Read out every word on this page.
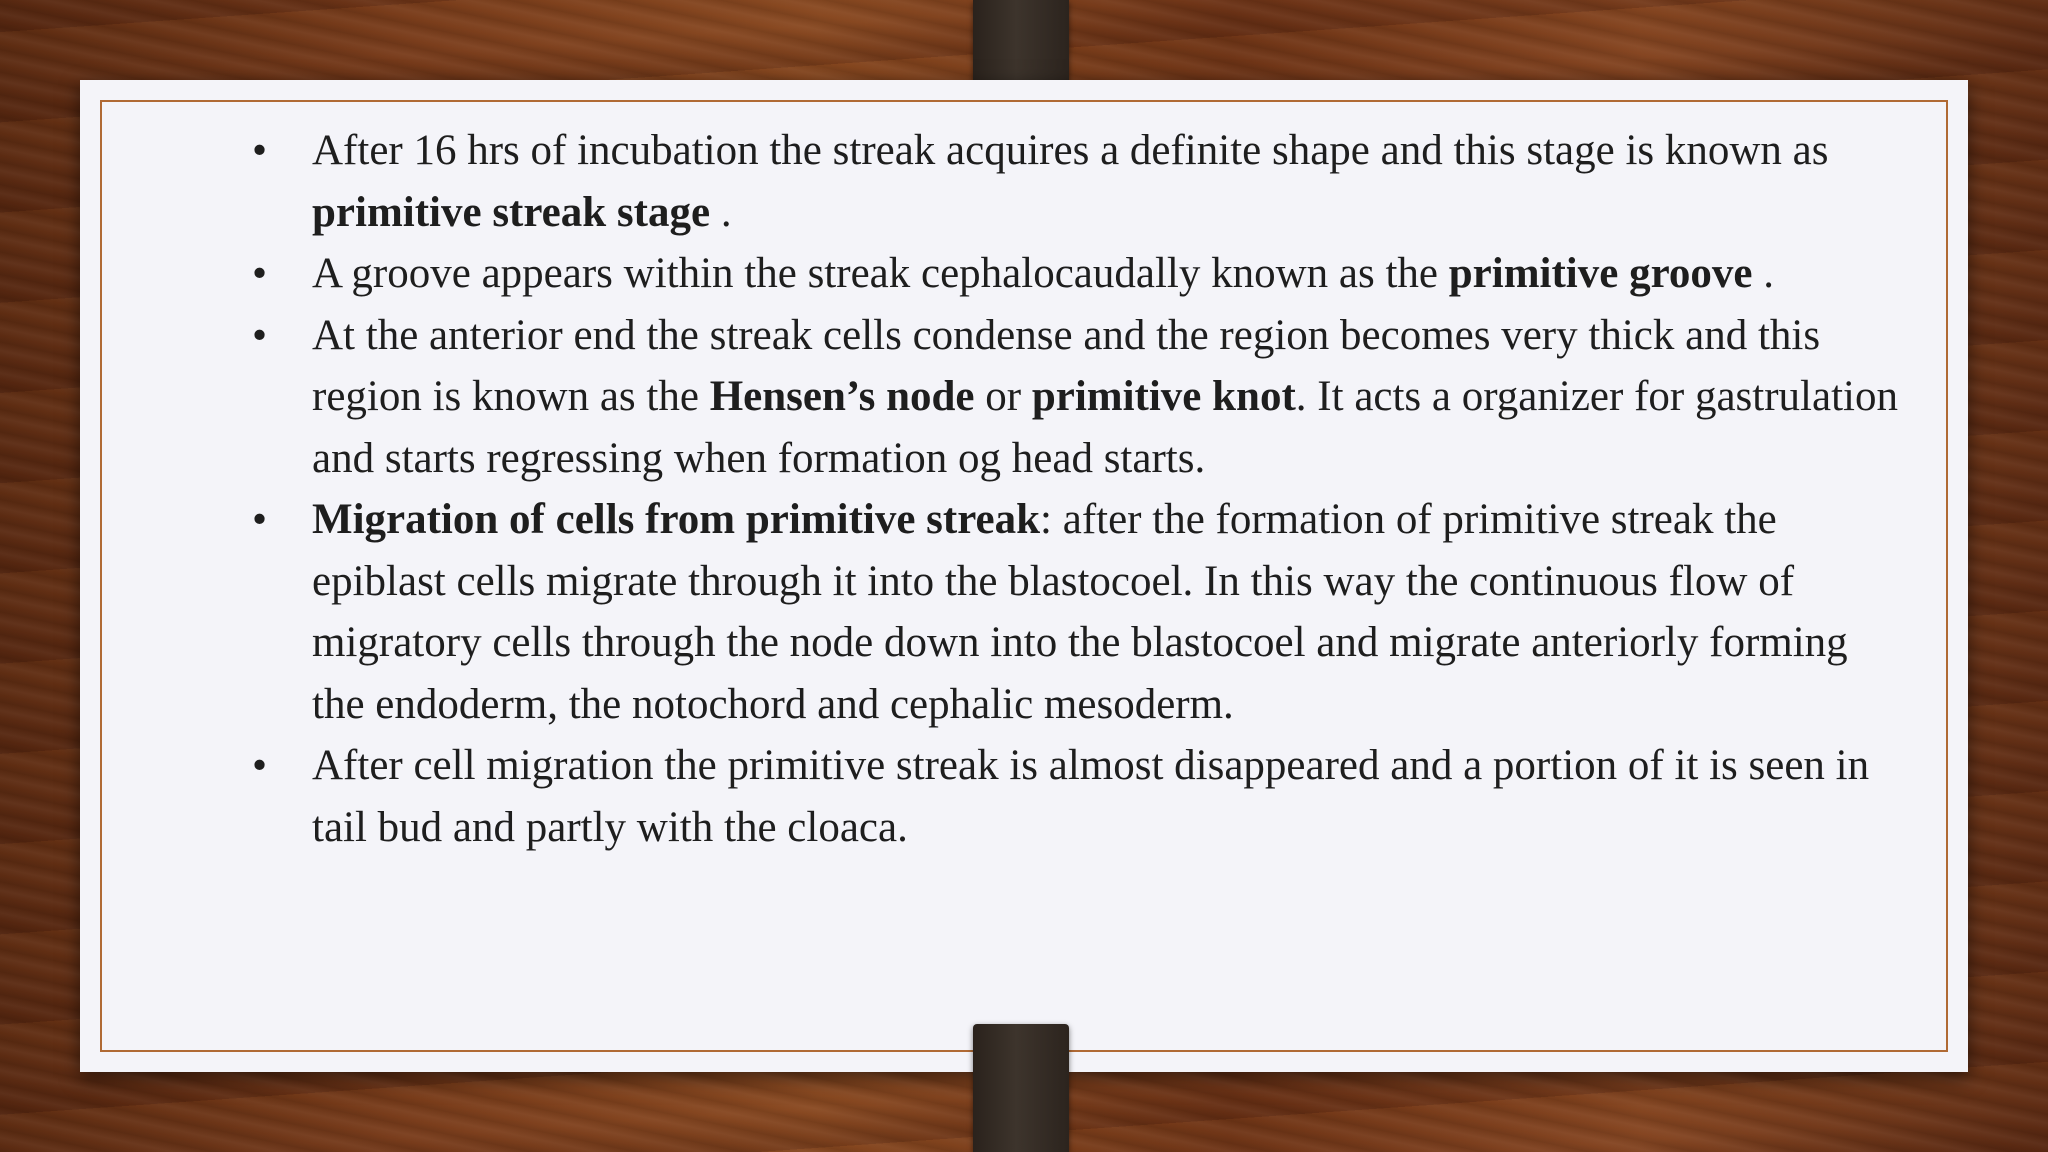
• After 16 hrs of incubation the streak acquires a definite shape and this stage is known as primitive streak stage .
• A groove appears within the streak cephalocaudally known as the primitive groove .
• At the anterior end the streak cells condense and the region becomes very thick and this region is known as the Hensen’s node or primitive knot. It acts a organizer for gastrulation and starts regressing when formation og head starts.
• Migration of cells from primitive streak: after the formation of primitive streak the epiblast cells migrate through it into the blastocoel. In this way the continuous flow of migratory cells through the node down into the blastocoel and migrate anteriorly forming the endoderm, the notochord and cephalic mesoderm.
• After cell migration the primitive streak is almost disappeared and a portion of it is seen in tail bud and partly with the cloaca.
